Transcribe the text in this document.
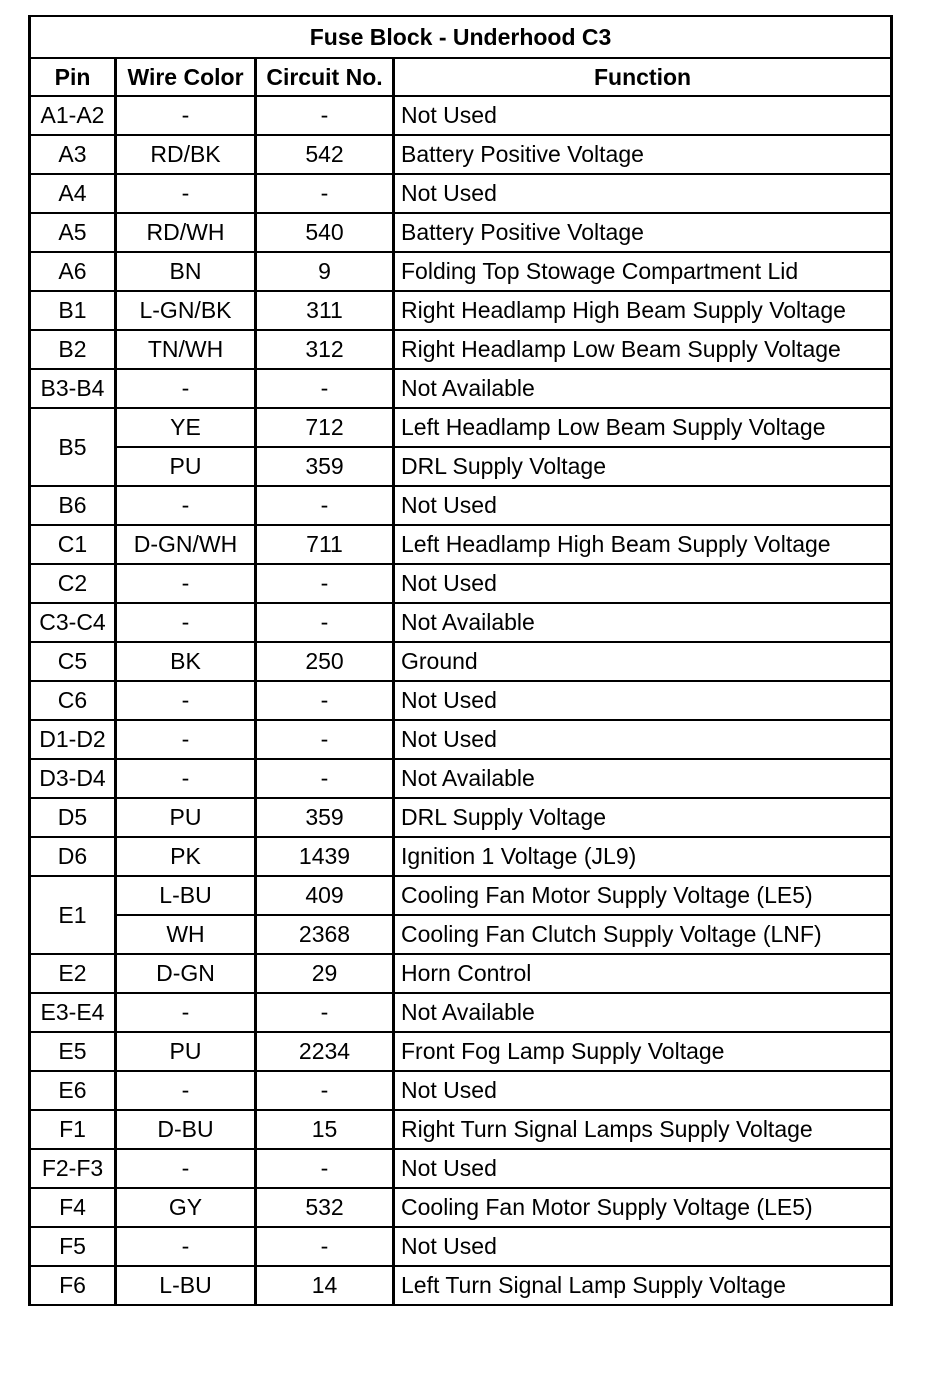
Fuse Block - Underhood C3			
Pin	Wire Color	Circuit No.	Function
A1-A2	-	-	Not Used
A3	RD/BK	542	Battery Positive Voltage
A4	-	-	Not Used
A5	RD/WH	540	Battery Positive Voltage
A6	BN	9	Folding Top Stowage Compartment Lid
B1	L-GN/BK	311	Right Headlamp High Beam Supply Voltage
B2	TN/WH	312	Right Headlamp Low Beam Supply Voltage
B3-B4	-	-	Not Available
B5	YE	712	Left Headlamp Low Beam Supply Voltage
	PU	359	DRL Supply Voltage
B6	-	-	Not Used
C1	D-GN/WH	711	Left Headlamp High Beam Supply Voltage
C2	-	-	Not Used
C3-C4	-	-	Not Available
C5	BK	250	Ground
C6	-	-	Not Used
D1-D2	-	-	Not Used
D3-D4	-	-	Not Available
D5	PU	359	DRL Supply Voltage
D6	PK	1439	Ignition 1 Voltage (JL9)
E1	L-BU	409	Cooling Fan Motor Supply Voltage (LE5)
	WH	2368	Cooling Fan Clutch Supply Voltage (LNF)
E2	D-GN	29	Horn Control
E3-E4	-	-	Not Available
E5	PU	2234	Front Fog Lamp Supply Voltage
E6	-	-	Not Used
F1	D-BU	15	Right Turn Signal Lamps Supply Voltage
F2-F3	-	-	Not Used
F4	GY	532	Cooling Fan Motor Supply Voltage (LE5)
F5	-	-	Not Used
F6	L-BU	14	Left Turn Signal Lamp Supply Voltage
